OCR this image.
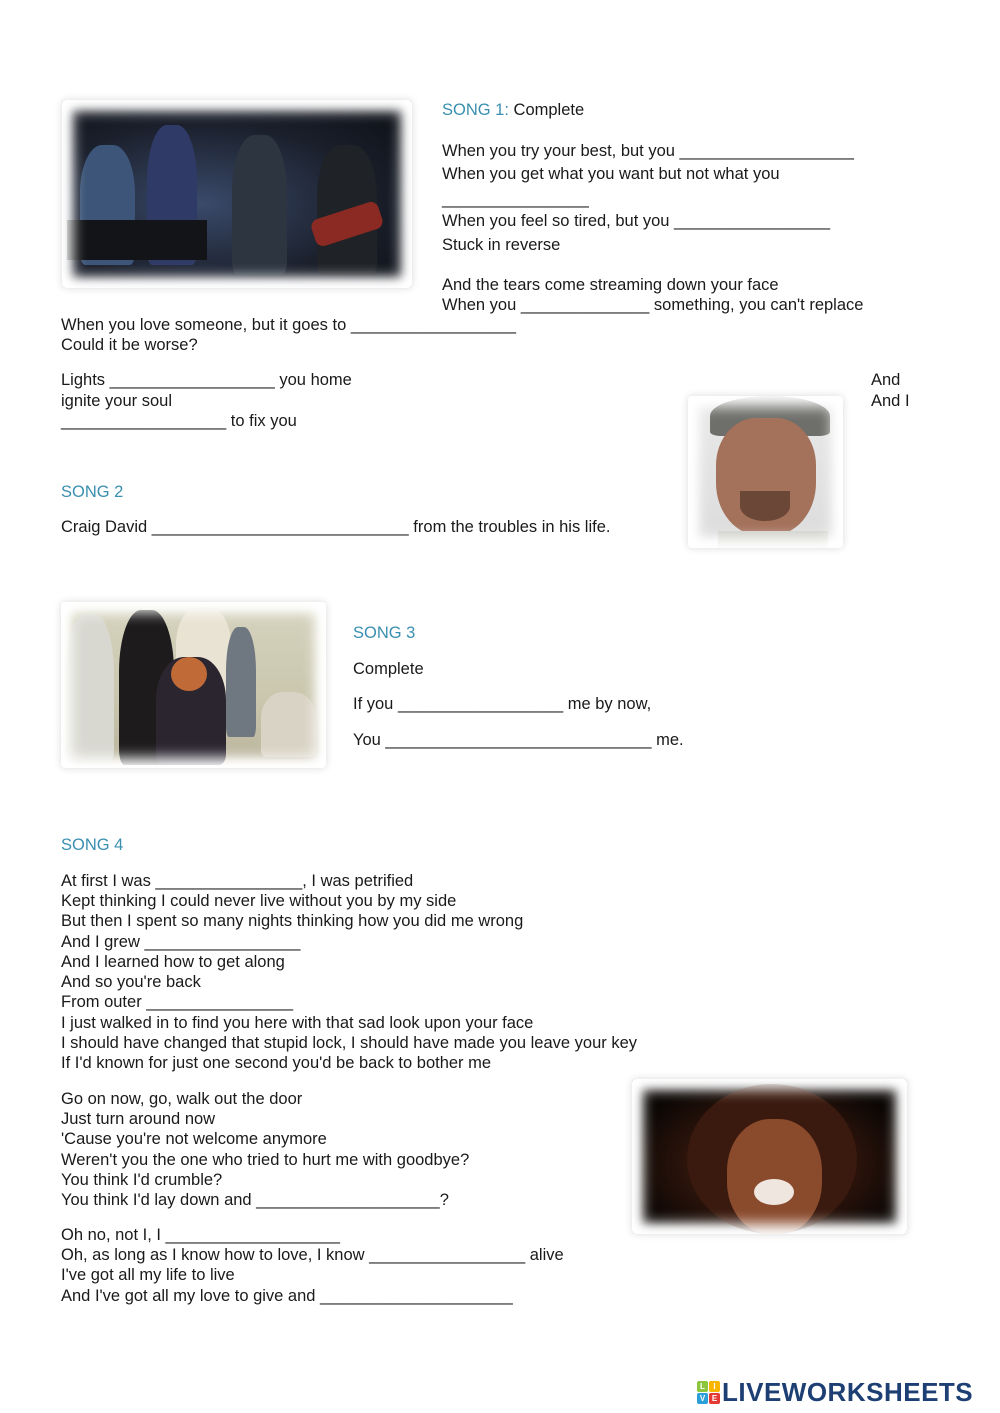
SONG 1: Complete
When you try your best, but you ___________________
When you get what you want but not what you
________________
When you feel so tired, but you _________________
Stuck in reverse
And the tears come streaming down your face
When you ______________ something, you can't replace
When you love someone, but it goes to __________________
Could it be worse?
Lights __________________ you home
ignite your soul
__________________ to fix you
And
And I
SONG 2
Craig David ____________________________ from the troubles in his life.
SONG 3
Complete
If you __________________ me by now,
You _____________________________ me.
SONG 4
At first I was ________________, I was petrified
Kept thinking I could never live without you by my side
But then I spent so many nights thinking how you did me wrong
And I grew _________________
And I learned how to get along
And so you're back
From outer ________________
I just walked in to find you here with that sad look upon your face
I should have changed that stupid lock, I should have made you leave your key
If I'd known for just one second you'd be back to bother me
Go on now, go, walk out the door
Just turn around now
'Cause you're not welcome anymore
Weren't you the one who tried to hurt me with goodbye?
You think I'd crumble?
You think I'd lay down and ____________________?
Oh no, not I, I ___________________
Oh, as long as I know how to love, I know _________________ alive
I've got all my life to live
And I've got all my love to give and _____________________
L	I
V E LIVEWORKSHEETS
